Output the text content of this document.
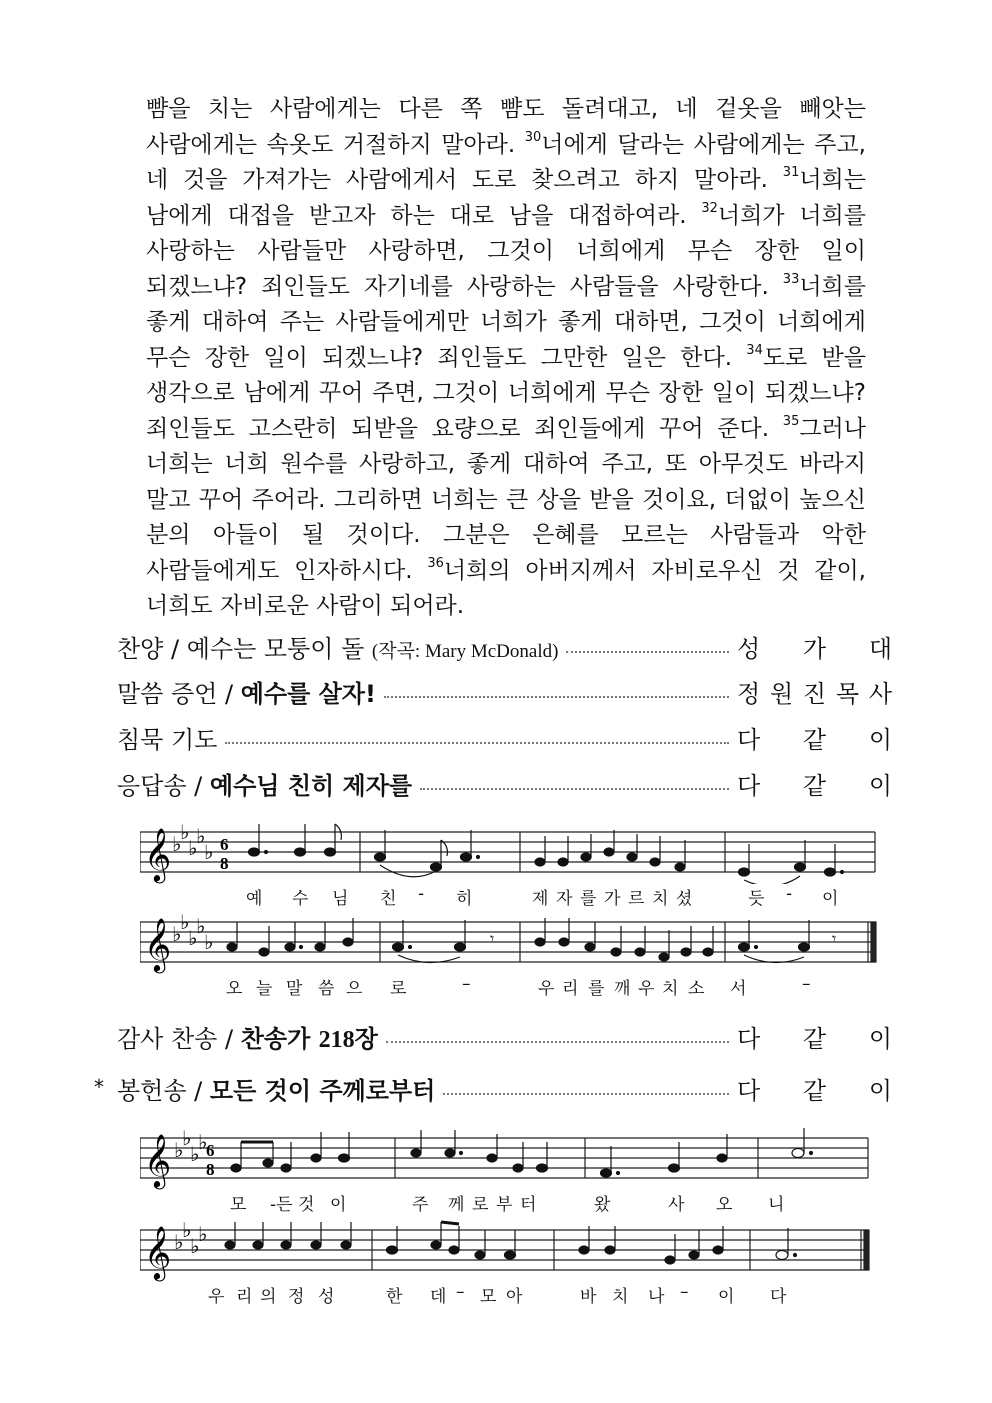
뺨을 치는 사람에게는 다른 쪽 뺨도 돌려대고, 네 겉옷을 빼앗는
사람에게는 속옷도 거절하지 말아라. $^{30}$너에게 달라는 사람에게는 주고,
네 것을 가져가는 사람에게서 도로 찾으려고 하지 말아라. $^{31}$너희는
남에게 대접을 받고자 하는 대로 남을 대접하여라. $^{32}$너희가 너희를
사랑하는 사람들만 사랑하면, 그것이 너희에게 무슨 장한 일이
되겠느냐? 죄인들도 자기네를 사랑하는 사람들을 사랑한다. $^{33}$너희를
좋게 대하여 주는 사람들에게만 너희가 좋게 대하면, 그것이 너희에게
무슨 장한 일이 되겠느냐? 죄인들도 그만한 일은 한다. $^{34}$도로 받을
생각으로 남에게 꾸어 주면, 그것이 너희에게 무슨 장한 일이 되겠느냐?
죄인들도 고스란히 되받을 요량으로 죄인들에게 꾸어 준다. $^{35}$그러나
너희는 너희 원수를 사랑하고, 좋게 대하여 주고, 또 아무것도 바라지
말고 꾸어 주어라. 그리하면 너희는 큰 상을 받을 것이요, 더없이 높으신
분의 아들이 될 것이다. 그분은 은혜를 모르는 사람들과 악한
사람들에게도 인자하시다. $^{36}$너희의 아버지께서 자비로우신 것 같이,
너희도 자비로운 사람이 되어라.
찬양 / 예수는 모퉁이 돌 (작곡: Mary McDonald)	성 가 대
말씀 증언 / 예수를 살자!	정 원 진 목 사
침묵 기도	다 같 이
응답송 / 예수님 친히 제자를	다 같 이
𝄞 ♭
♭
♭
♭
♭ 6
8
예 수 님 친 - 히	제 자 를 가 르 치 셨	듯 - 이
𝄞 ♭
♭
♭
♭
♭	𝄾	𝄾
오 늘 말 씀 으 로	–	우 리 를 깨 우 치 소 서	–
감사 찬송 / 찬송가 218장	다 같 이
* 봉헌송 / 모든 것이 주께로부터	다 같 이
𝄞 ♭
♭
♭
♭
6
8
모 -든 것 이	주 께 로 부 터	왔	사 오 니
𝄞 ♭
♭
♭
♭
우 리 의 정 성	한 데 – 모 아	바 치 나 – 이 다
